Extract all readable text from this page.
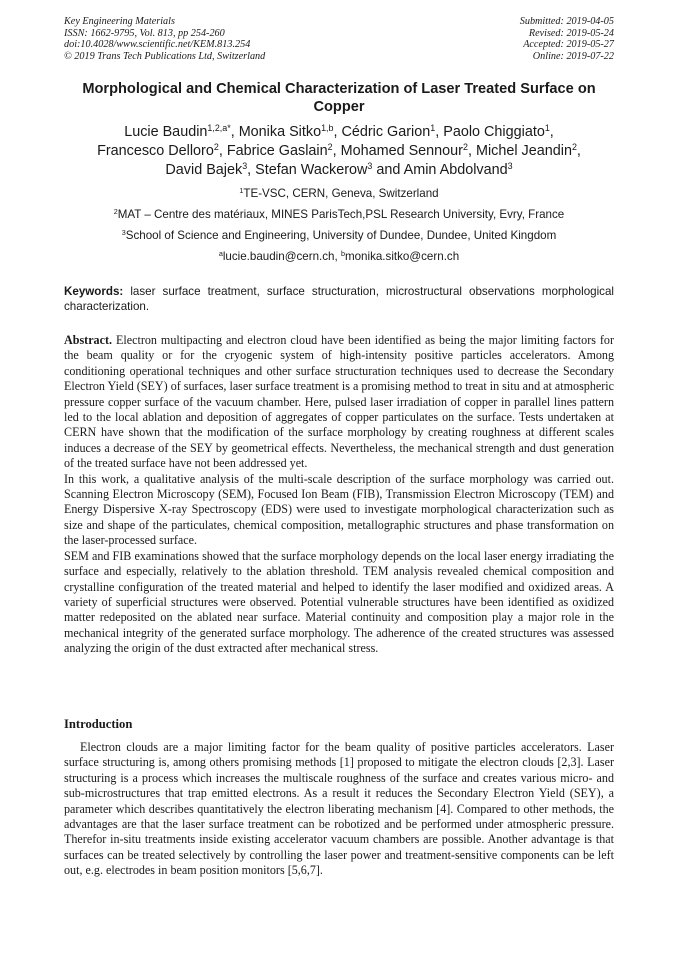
Key Engineering Materials
ISSN: 1662-9795, Vol. 813, pp 254-260
doi:10.4028/www.scientific.net/KEM.813.254
© 2019 Trans Tech Publications Ltd, Switzerland
Submitted: 2019-04-05
Revised: 2019-05-24
Accepted: 2019-05-27
Online: 2019-07-22
Morphological and Chemical Characterization of Laser Treated Surface on Copper
Lucie Baudin$^{1,2,a*}$, Monika Sitko$^{1,b}$, Cédric Garion$^1$, Paolo Chiggiato$^1$,
Francesco Delloro$^2$, Fabrice Gaslain$^2$, Mohamed Sennour$^2$, Michel Jeandin$^2$,
David Bajek$^3$, Stefan Wackerow$^3$ and Amin Abdolvand$^3$
$^1$TE-VSC, CERN, Geneva, Switzerland
$^2$MAT – Centre des matériaux, MINES ParisTech,PSL Research University, Evry, France
$^3$School of Science and Engineering, University of Dundee, Dundee, United Kingdom
$^a$lucie.baudin@cern.ch, $^b$monika.sitko@cern.ch
Keywords: laser surface treatment, surface structuration, microstructural observations morphological characterization.

Abstract. Electron multipacting and electron cloud have been identified as being the major limiting factors for the beam quality or for the cryogenic system of high-intensity positive particles accelerators. Among conditioning operational techniques and other surface structuration techniques used to decrease the Secondary Electron Yield (SEY) of surfaces, laser surface treatment is a promising method to treat in situ and at atmospheric pressure copper surface of the vacuum chamber. Here, pulsed laser irradiation of copper in parallel lines pattern led to the local ablation and deposition of aggregates of copper particulates on the surface. Tests undertaken at CERN have shown that the modification of the surface morphology by creating roughness at different scales induces a decrease of the SEY by geometrical effects. Nevertheless, the mechanical strength and dust generation of the treated surface have not been addressed yet.

In this work, a qualitative analysis of the multi-scale description of the surface morphology was carried out. Scanning Electron Microscopy (SEM), Focused Ion Beam (FIB), Transmission Electron Microscopy (TEM) and Energy Dispersive X-ray Spectroscopy (EDS) were used to investigate morphological characterization such as size and shape of the particulates, chemical composition, metallographic structures and phase transformation on the laser-processed surface.

SEM and FIB examinations showed that the surface morphology depends on the local laser energy irradiating the surface and especially, relatively to the ablation threshold. TEM analysis revealed chemical composition and crystalline configuration of the treated material and helped to identify the laser modified and oxidized areas. A variety of superficial structures were observed. Potential vulnerable structures have been identified as oxidized matter redeposited on the ablated near surface. Material continuity and composition play a major role in the mechanical integrity of the generated surface morphology. The adherence of the created structures was assessed analyzing the origin of the dust extracted after mechanical stress.

Introduction

Electron clouds are a major limiting factor for the beam quality of positive particles accelerators. Laser surface structuring is, among others promising methods [1] proposed to mitigate the electron clouds [2,3]. Laser structuring is a process which increases the multiscale roughness of the surface and creates various micro- and sub-microstructures that trap emitted electrons. As a result it reduces the Secondary Electron Yield (SEY), a parameter which describes quantitatively the electron liberating mechanism [4]. Compared to other methods, the advantages are that the laser surface treatment can be robotized and be performed under atmospheric pressure. Therefor in-situ treatments inside existing accelerator vacuum chambers are possible. Another advantage is that surfaces can be treated selectively by controlling the laser power and treatment-sensitive components can be left out, e.g. electrodes in beam position monitors [5,6,7].
